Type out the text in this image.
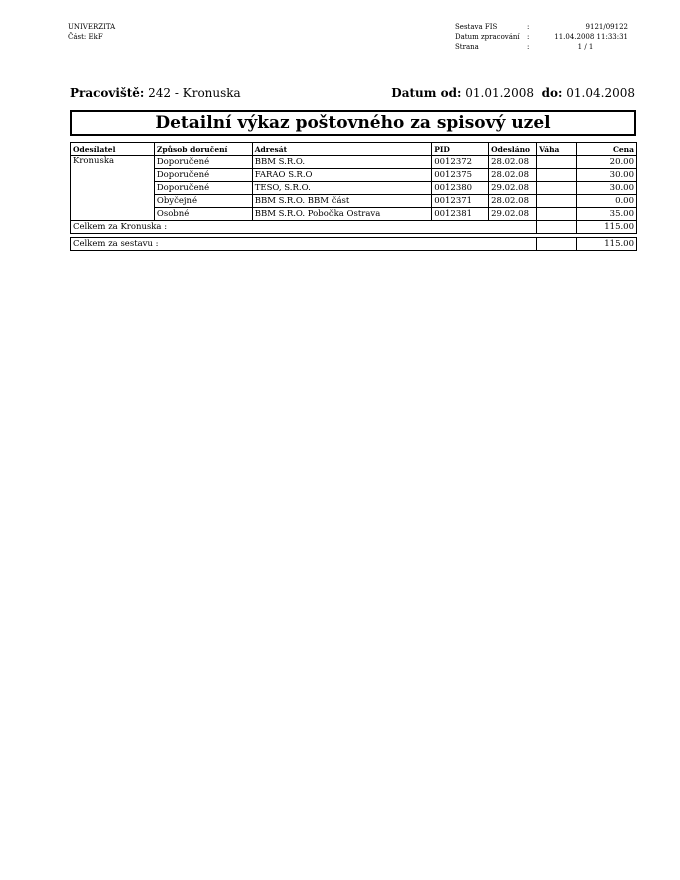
UNIVERZITA
Část: EkF
Sestava FIS	:	9121/09122
Datum zpracování	:	11.04.2008 11:33:31
Strana	:	1 / 1
Pracoviště: 242 - Kronuska	Datum od: 01.01.2008 do: 01.04.2008
Detailní výkaz poštovného za spisový uzel
Odesílatel	Způsob doručení	Adresát	PID	Odesláno	Váha	Cena
Kronuska	Doporučené	BBM S.R.O.	0012372	28.02.08		20.00
	Doporučené	FARAO S.R.O	0012375	28.02.08		30.00
	Doporučené	TESO, S.R.O.	0012380	29.02.08		30.00
	Obyčejné	BBM S.R.O. BBM část	0012371	28.02.08		0.00
	Osobné	BBM S.R.O. Pobočka Ostrava	0012381	29.02.08		35.00
Celkem za Kronuska :						115.00

Celkem za sestavu :						115.00
